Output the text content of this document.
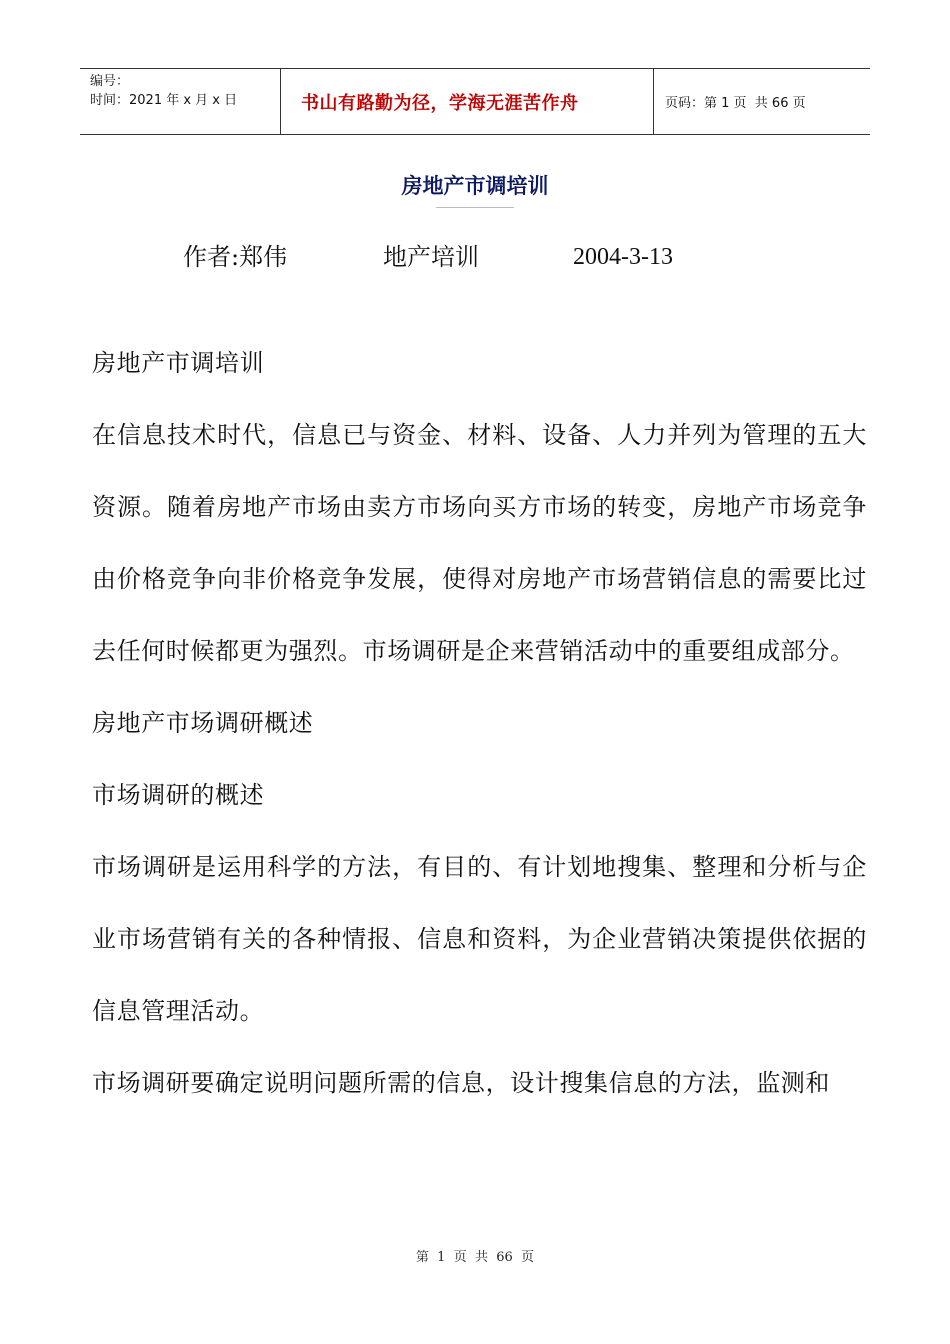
编号：
时间：2021 年 x 月 x 日	书山有路勤为径，学海无涯苦作舟	页码：第 1 页  共 66 页
房地产市调培训
作者:郑伟	地产培训	2004-3-13

房地产市调培训

在信息技术时代，信息已与资金、材料、设备、人力并列为管理的五大资源。随着房地产市场由卖方市场向买方市场的转变，房地产市场竞争由价格竞争向非价格竞争发展，使得对房地产市场营销信息的需要比过去任何时候都更为强烈。市场调研是企来营销活动中的重要组成部分。

房地产市场调研概述

市场调研的概述

市场调研是运用科学的方法，有目的、有计划地搜集、整理和分析与企业市场营销有关的各种情报、信息和资料，为企业营销决策提供依据的信息管理活动。

市场调研要确定说明问题所需的信息，设计搜集信息的方法，监测和

第  1  页  共  66  页
